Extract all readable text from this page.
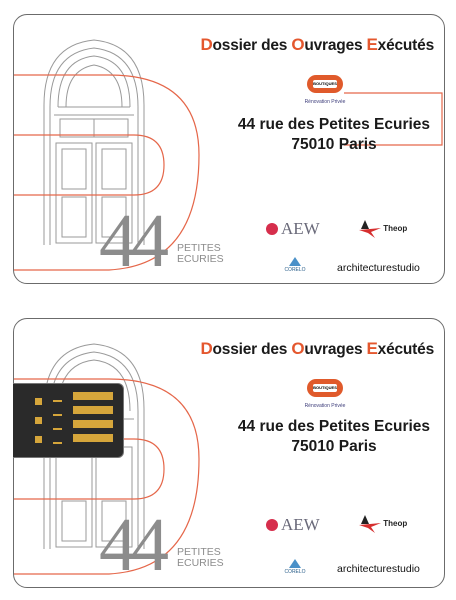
Dossier des Ouvrages Exécutés
BOUTIQUES
Rénovation Privée
44 rue des Petites Ecuries
75010 Paris
44 PETITES
ECURIES
AEW	Theop
CORELO	architecturestudio
Dossier des Ouvrages Exécutés
BOUTIQUES
Rénovation Privée
44 rue des Petites Ecuries
75010 Paris
44 PETITES
ECURIES
AEW	Theop
CORELO	architecturestudio
